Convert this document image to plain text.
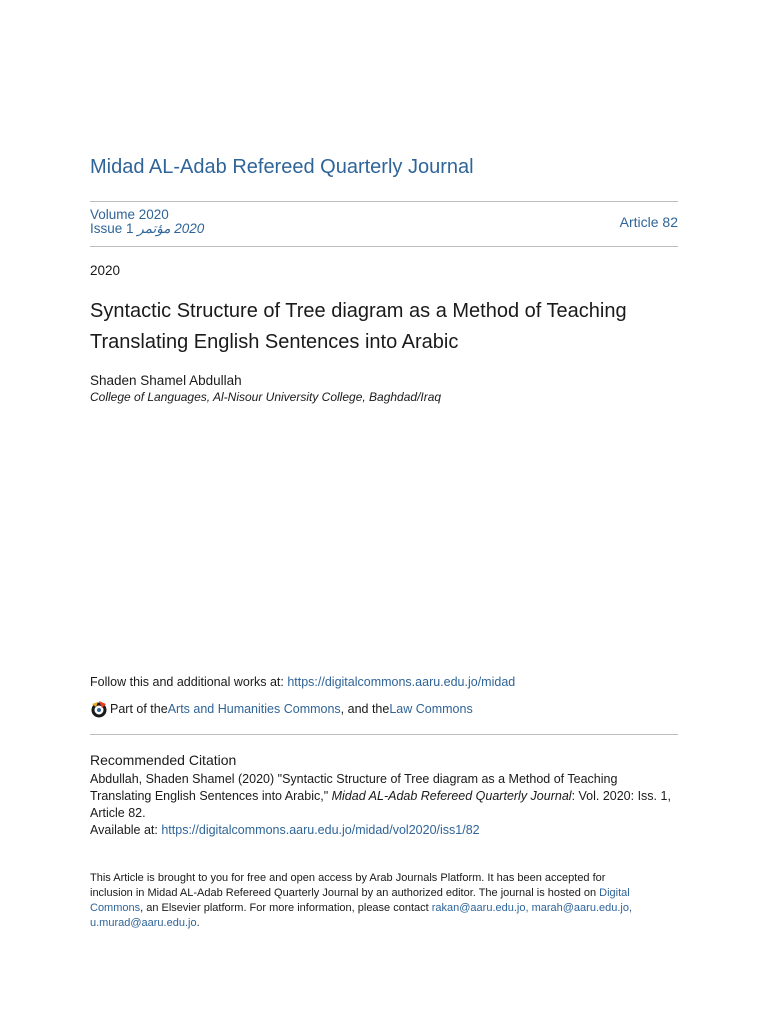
Midad AL-Adab Refereed Quarterly Journal
Volume 2020
Issue 1 2020 مؤتمر	Article 82
2020
Syntactic Structure of Tree diagram as a Method of Teaching Translating English Sentences into Arabic
Shaden Shamel Abdullah
College of Languages, Al-Nisour University College, Baghdad/Iraq
Follow this and additional works at: https://digitalcommons.aaru.edu.jo/midad
Part of the Arts and Humanities Commons , and the Law Commons
Recommended Citation
Abdullah, Shaden Shamel (2020) "Syntactic Structure of Tree diagram as a Method of Teaching Translating English Sentences into Arabic," Midad AL-Adab Refereed Quarterly Journal: Vol. 2020: Iss. 1, Article 82.
Available at: https://digitalcommons.aaru.edu.jo/midad/vol2020/iss1/82
This Article is brought to you for free and open access by Arab Journals Platform. It has been accepted for inclusion in Midad AL-Adab Refereed Quarterly Journal by an authorized editor. The journal is hosted on Digital Commons, an Elsevier platform. For more information, please contact rakan@aaru.edu.jo, marah@aaru.edu.jo, u.murad@aaru.edu.jo.
